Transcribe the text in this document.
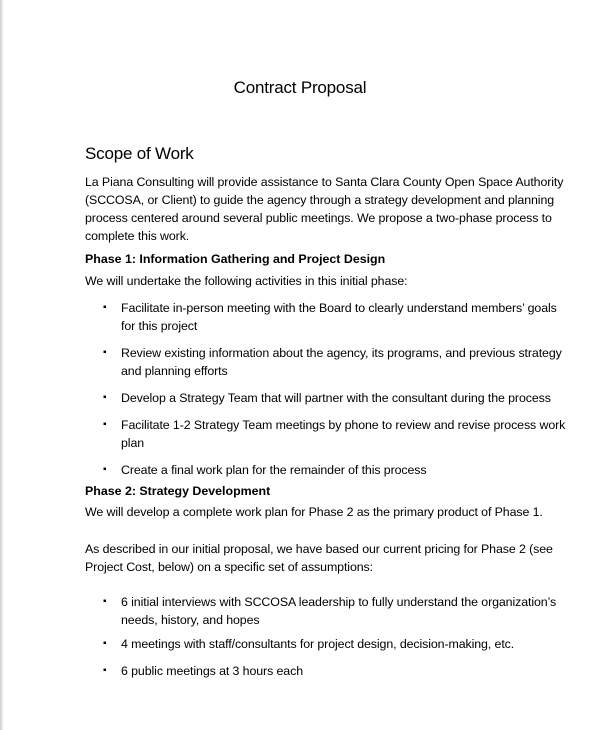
Contract Proposal
Scope of Work
La Piana Consulting will provide assistance to Santa Clara County Open Space Authority (SCCOSA, or Client) to guide the agency through a strategy development and planning process centered around several public meetings. We propose a two-phase process to complete this work.
Phase 1: Information Gathering and Project Design
We will undertake the following activities in this initial phase:
▪ Facilitate in-person meeting with the Board to clearly understand members’ goals for this project
▪ Review existing information about the agency, its programs, and previous strategy and planning efforts
▪ Develop a Strategy Team that will partner with the consultant during the process
▪ Facilitate 1-2 Strategy Team meetings by phone to review and revise process work plan
▪ Create a final work plan for the remainder of this process
Phase 2: Strategy Development
We will develop a complete work plan for Phase 2 as the primary product of Phase 1.
As described in our initial proposal, we have based our current pricing for Phase 2 (see Project Cost, below) on a specific set of assumptions:
▪ 6 initial interviews with SCCOSA leadership to fully understand the organization’s needs, history, and hopes
▪ 4 meetings with staff/consultants for project design, decision-making, etc.
▪ 6 public meetings at 3 hours each
